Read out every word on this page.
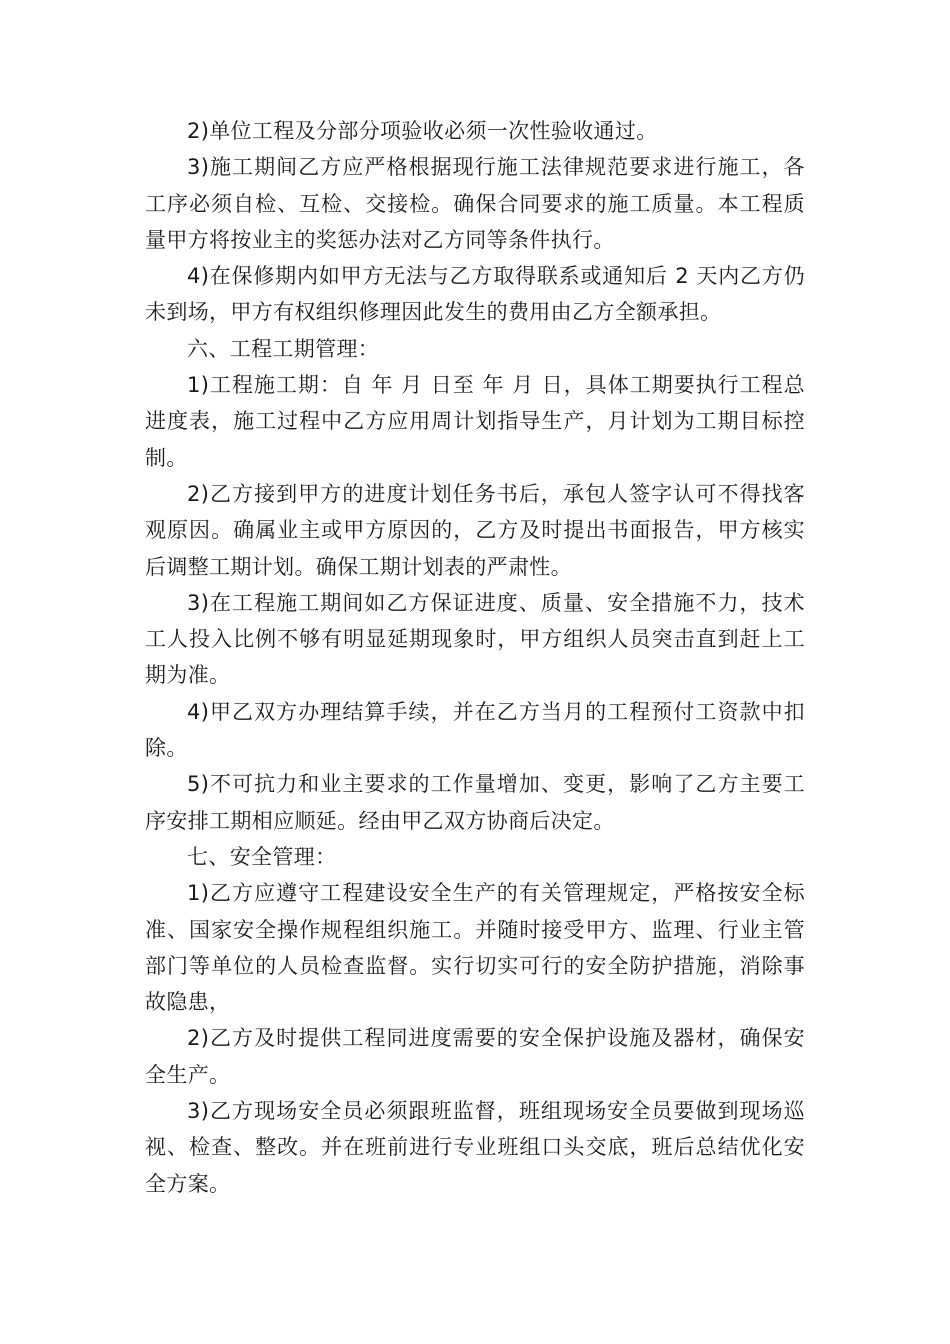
2)单位工程及分部分项验收必须一次性验收通过。

3)施工期间乙方应严格根据现行施工法律规范要求进行施工，各工序必须自检、互检、交接检。确保合同要求的施工质量。本工程质量甲方将按业主的奖惩办法对乙方同等条件执行。

4)在保修期内如甲方无法与乙方取得联系或通知后 2 天内乙方仍未到场，甲方有权组织修理因此发生的费用由乙方全额承担。

六、工程工期管理：

1)工程施工期：自 年 月 日至 年 月 日，具体工期要执行工程总进度表，施工过程中乙方应用周计划指导生产，月计划为工期目标控制。

2)乙方接到甲方的进度计划任务书后，承包人签字认可不得找客观原因。确属业主或甲方原因的，乙方及时提出书面报告，甲方核实后调整工期计划。确保工期计划表的严肃性。

3)在工程施工期间如乙方保证进度、质量、安全措施不力，技术工人投入比例不够有明显延期现象时，甲方组织人员突击直到赶上工期为准。

4)甲乙双方办理结算手续，并在乙方当月的工程预付工资款中扣除。

5)不可抗力和业主要求的工作量增加、变更，影响了乙方主要工序安排工期相应顺延。经由甲乙双方协商后决定。

七、安全管理：

1)乙方应遵守工程建设安全生产的有关管理规定，严格按安全标准、国家安全操作规程组织施工。并随时接受甲方、监理、行业主管部门等单位的人员检查监督。实行切实可行的安全防护措施，消除事故隐患，

2)乙方及时提供工程同进度需要的安全保护设施及器材，确保安全生产。

3)乙方现场安全员必须跟班监督，班组现场安全员要做到现场巡视、检查、整改。并在班前进行专业班组口头交底，班后总结优化安全方案。
